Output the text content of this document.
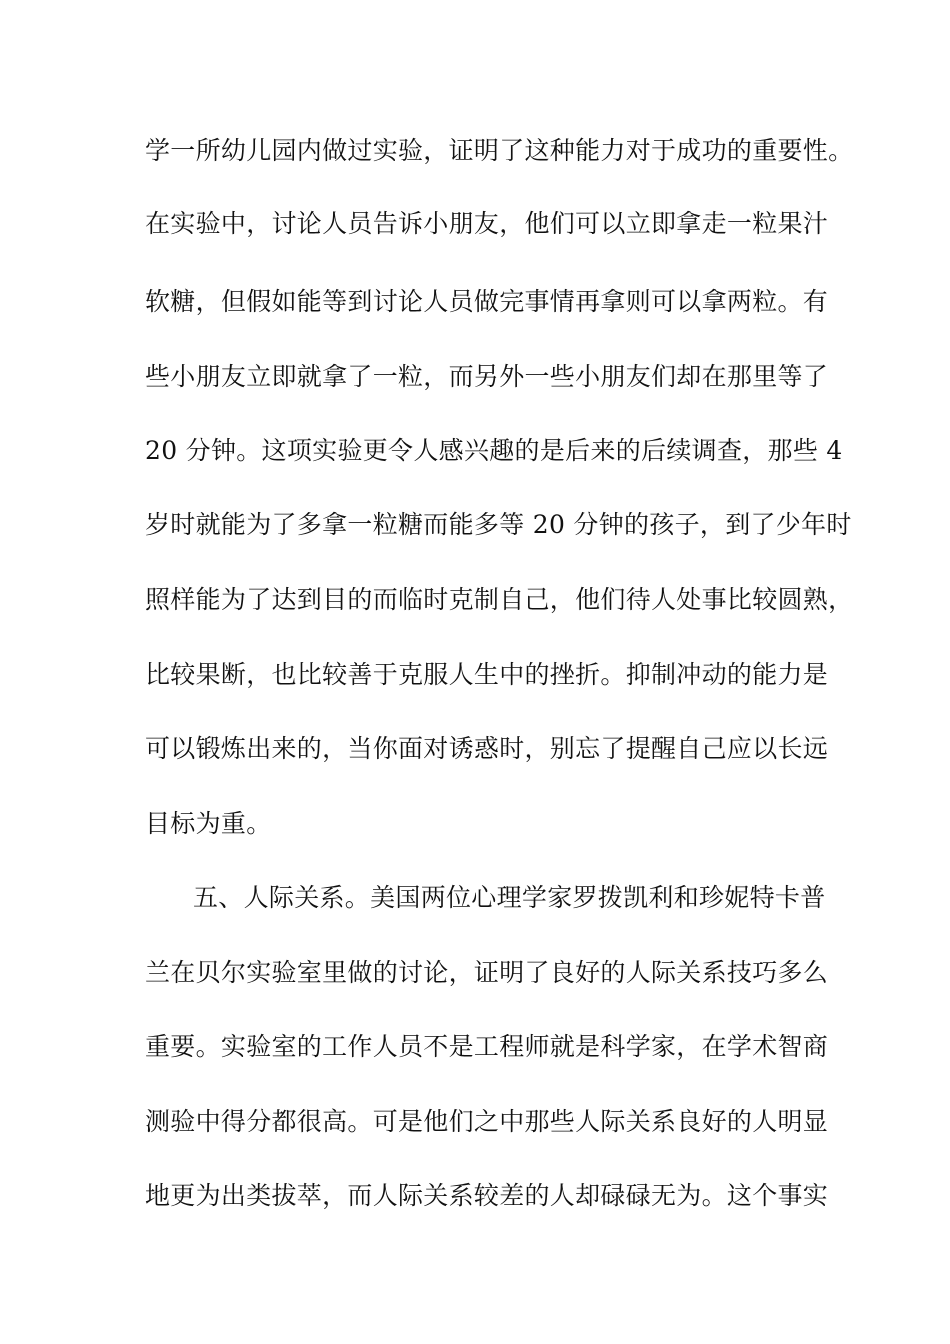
学一所幼儿园内做过实验，证明了这种能力对于成功的重要性。
在实验中，讨论人员告诉小朋友，他们可以立即拿走一粒果汁
软糖，但假如能等到讨论人员做完事情再拿则可以拿两粒。有
些小朋友立即就拿了一粒，而另外一些小朋友们却在那里等了
20 分钟。这项实验更令人感兴趣的是后来的后续调查，那些 4
岁时就能为了多拿一粒糖而能多等 20 分钟的孩子，到了少年时
照样能为了达到目的而临时克制自己，他们待人处事比较圆熟，
比较果断，也比较善于克服人生中的挫折。抑制冲动的能力是
可以锻炼出来的，当你面对诱惑时，别忘了提醒自己应以长远
目标为重。
五、人际关系。美国两位心理学家罗拨凯利和珍妮特卡普
兰在贝尔实验室里做的讨论，证明了良好的人际关系技巧多么
重要。实验室的工作人员不是工程师就是科学家，在学术智商
测验中得分都很高。可是他们之中那些人际关系良好的人明显
地更为出类拔萃，而人际关系较差的人却碌碌无为。这个事实
